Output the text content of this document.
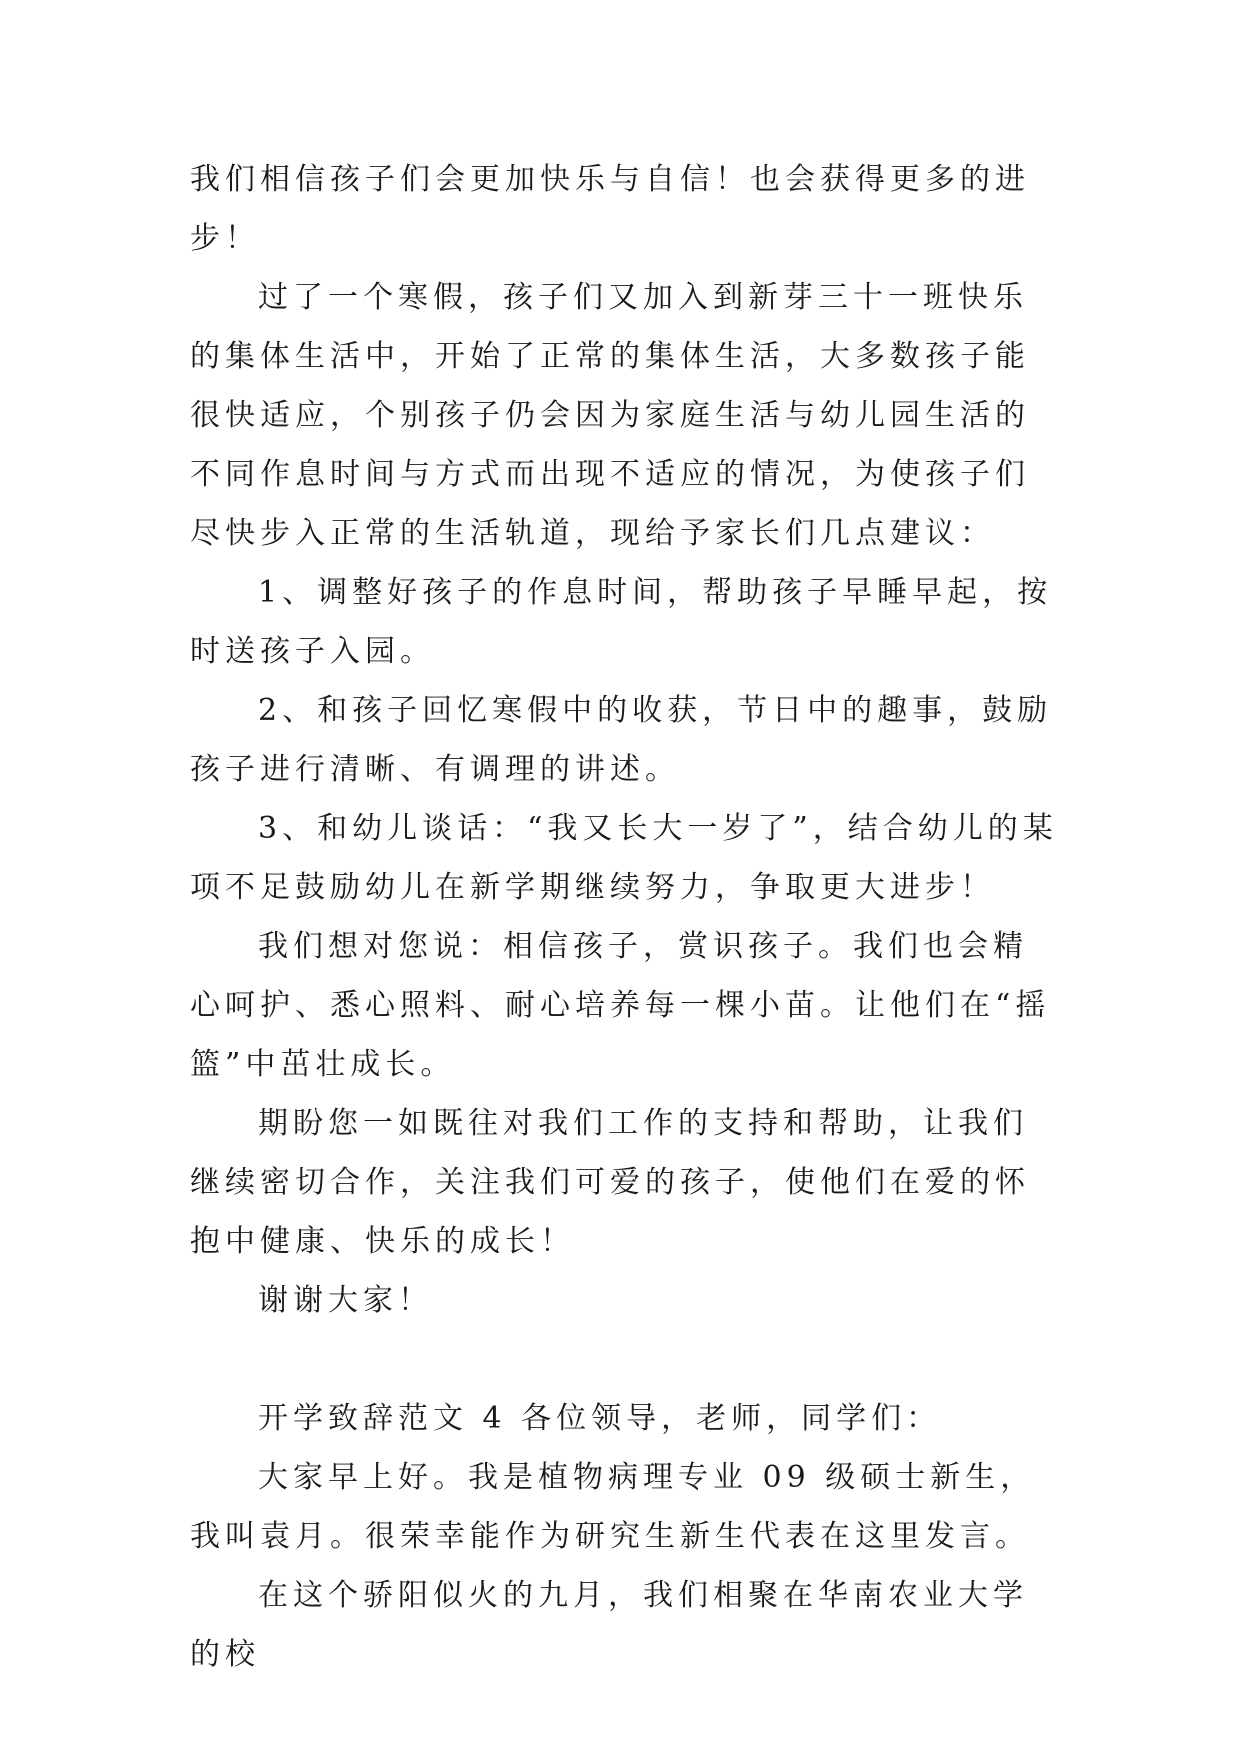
我们相信孩子们会更加快乐与自信！也会获得更多的进步！

过了一个寒假，孩子们又加入到新芽三十一班快乐的集体生活中，开始了正常的集体生活，大多数孩子能很快适应，个别孩子仍会因为家庭生活与幼儿园生活的不同作息时间与方式而出现不适应的情况，为使孩子们尽快步入正常的生活轨道，现给予家长们几点建议：

1、调整好孩子的作息时间，帮助孩子早睡早起，按时送孩子入园。

2、和孩子回忆寒假中的收获，节日中的趣事，鼓励孩子进行清晰、有调理的讲述。

3、和幼儿谈话：“我又长大一岁了”，结合幼儿的某项不足鼓励幼儿在新学期继续努力，争取更大进步！

我们想对您说：相信孩子，赏识孩子。我们也会精心呵护、悉心照料、耐心培养每一棵小苗。让他们在“摇篮”中茁壮成长。

期盼您一如既往对我们工作的支持和帮助，让我们继续密切合作，关注我们可爱的孩子，使他们在爱的怀抱中健康、快乐的成长！

谢谢大家！

开学致辞范文 4 各位领导，老师，同学们：

大家早上好。我是植物病理专业 09 级硕士新生，我叫袁月。很荣幸能作为研究生新生代表在这里发言。

在这个骄阳似火的九月，我们相聚在华南农业大学的校
